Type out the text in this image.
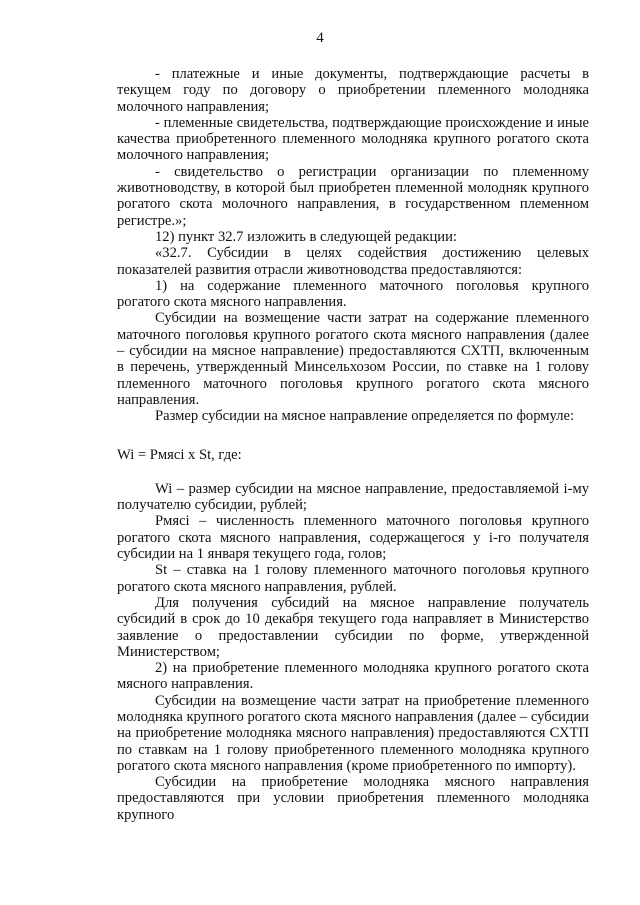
4

- платежные и иные документы, подтверждающие расчеты в текущем году по договору о приобретении племенного молодняка молочного направления;

- племенные свидетельства, подтверждающие происхождение и иные качества приобретенного племенного молодняка крупного рогатого скота молочного направления;

- свидетельство о регистрации организации по племенному животноводству, в которой был приобретен племенной молодняк крупного рогатого скота молочного направления, в государственном племенном регистре.»;

12) пункт 32.7 изложить в следующей редакции:

«32.7. Субсидии в целях содействия достижению целевых показателей развития отрасли животноводства предоставляются:

1) на содержание племенного маточного поголовья крупного рогатого скота мясного направления.

Субсидии на возмещение части затрат на содержание племенного маточного поголовья крупного рогатого скота мясного направления (далее – субсидии на мясное направление) предоставляются СХТП, включенным в перечень, утвержденный Минсельхозом России, по ставке на 1 голову племенного маточного поголовья крупного рогатого скота мясного направления.

Размер субсидии на мясное направление определяется по формуле:

Wi = Рмясi х St, где:

Wi – размер субсидии на мясное направление, предоставляемой i-му получателю субсидии, рублей;

Рмясi – численность племенного маточного поголовья крупного рогатого скота мясного направления, содержащегося у i-го получателя субсидии на 1 января текущего года, голов;

St – ставка на 1 голову племенного маточного поголовья крупного рогатого скота мясного направления, рублей.

Для получения субсидий на мясное направление получатель субсидий в срок до 10 декабря текущего года направляет в Министерство заявление о предоставлении субсидии по форме, утвержденной Министерством;

2) на приобретение племенного молодняка крупного рогатого скота мясного направления.

Субсидии на возмещение части затрат на приобретение племенного молодняка крупного рогатого скота мясного направления (далее – субсидии на приобретение молодняка мясного направления) предоставляются СХТП по ставкам на 1 голову приобретенного племенного молодняка крупного рогатого скота мясного направления (кроме приобретенного по импорту).

Субсидии на приобретение молодняка мясного направления предоставляются при условии приобретения племенного молодняка крупного
